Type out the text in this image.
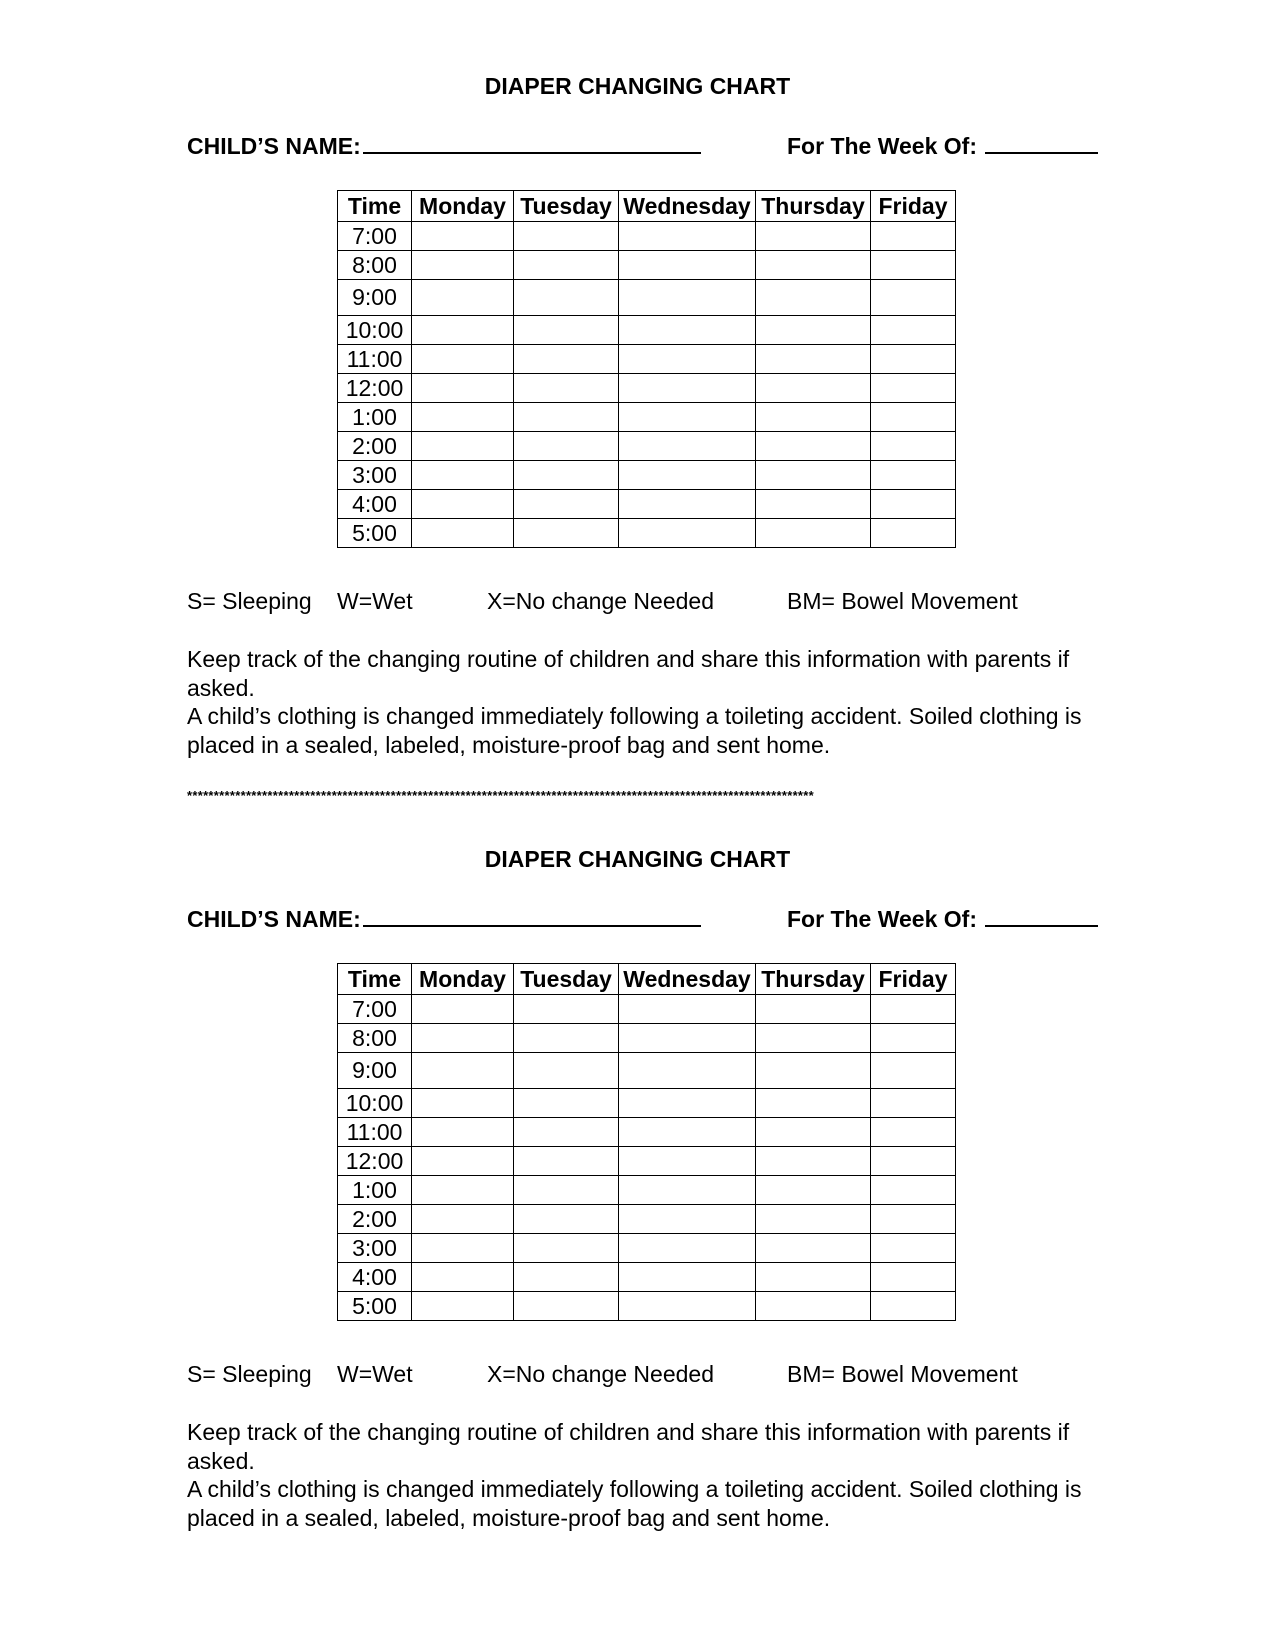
DIAPER CHANGING CHART
CHILD’S NAME:	For The Week Of:
Time	Monday	Tuesday	Wednesday	Thursday	Friday
7:00					
8:00					
9:00					
10:00					
11:00					
12:00					
1:00					
2:00					
3:00					
4:00					
5:00					
S= Sleeping W=Wet	X=No change Needed	BM= Bowel Movement
Keep track of the changing routine of children and share this information with parents if asked.
A child’s clothing is changed immediately following a toileting accident. Soiled clothing is placed in a sealed, labeled, moisture-proof bag and sent home.
*********************************************************************************************************************
DIAPER CHANGING CHART
CHILD’S NAME:	For The Week Of:
Time	Monday	Tuesday	Wednesday	Thursday	Friday
7:00					
8:00					
9:00					
10:00					
11:00					
12:00					
1:00					
2:00					
3:00					
4:00					
5:00					
S= Sleeping W=Wet	X=No change Needed	BM= Bowel Movement
Keep track of the changing routine of children and share this information with parents if asked.
A child’s clothing is changed immediately following a toileting accident. Soiled clothing is placed in a sealed, labeled, moisture-proof bag and sent home.
